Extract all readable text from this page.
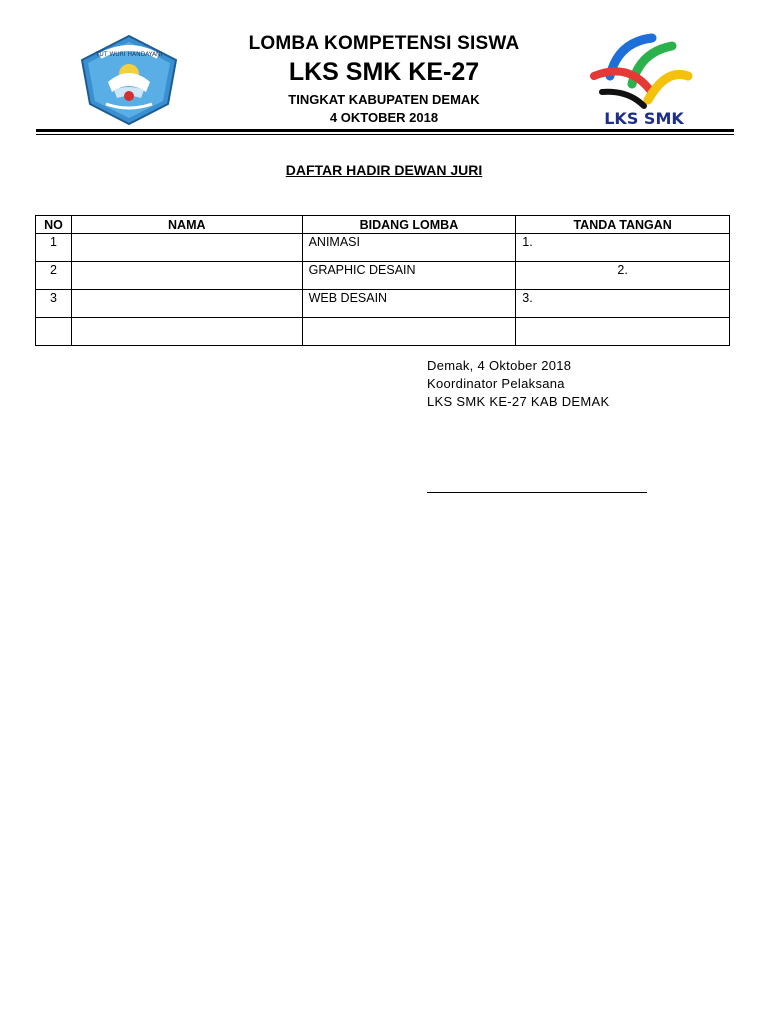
TUT WURI HANDAYANI
LOMBA KOMPETENSI SISWA
LKS SMK KE-27
TINGKAT KABUPATEN DEMAK
4 OKTOBER 2018	LKS SMK
DAFTAR HADIR DEWAN JURI
NO	NAMA	BIDANG LOMBA	TANDA TANGAN
1		ANIMASI	1.
2		GRAPHIC DESAIN	2.
3		WEB DESAIN	3.

Demak, 4 Oktober 2018
Koordinator Pelaksana
LKS SMK KE-27 KAB DEMAK
